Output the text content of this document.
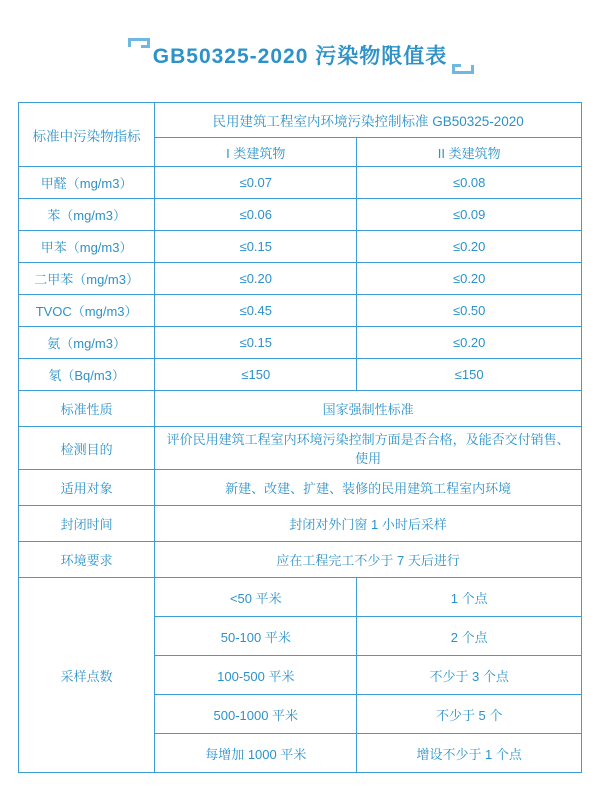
GB50325-2020 污染物限值表
标准中污染物指标	民用建筑工程室内环境污染控制标准 GB50325-2020	
	I 类建筑物	II 类建筑物
甲醛（mg/m3）	≤0.07	≤0.08
苯（mg/m3）	≤0.06	≤0.09
甲苯（mg/m3）	≤0.15	≤0.20
二甲苯（mg/m3）	≤0.20	≤0.20
TVOC（mg/m3）	≤0.45	≤0.50
氨（mg/m3）	≤0.15	≤0.20
氡（Bq/m3）	≤150	≤150
标准性质	国家强制性标准	
检测目的	评价民用建筑工程室内环境污染控制方面是否合格，及能否交付销售、使用	
适用对象	新建、改建、扩建、装修的民用建筑工程室内环境	
封闭时间	封闭对外门窗 1 小时后采样	
环境要求	应在工程完工不少于 7 天后进行	
采样点数	<50 平米	1 个点
	50-100 平米	2 个点
	100-500 平米	不少于 3 个点
	500-1000 平米	不少于 5 个
	每增加 1000 平米	增设不少于 1 个点
